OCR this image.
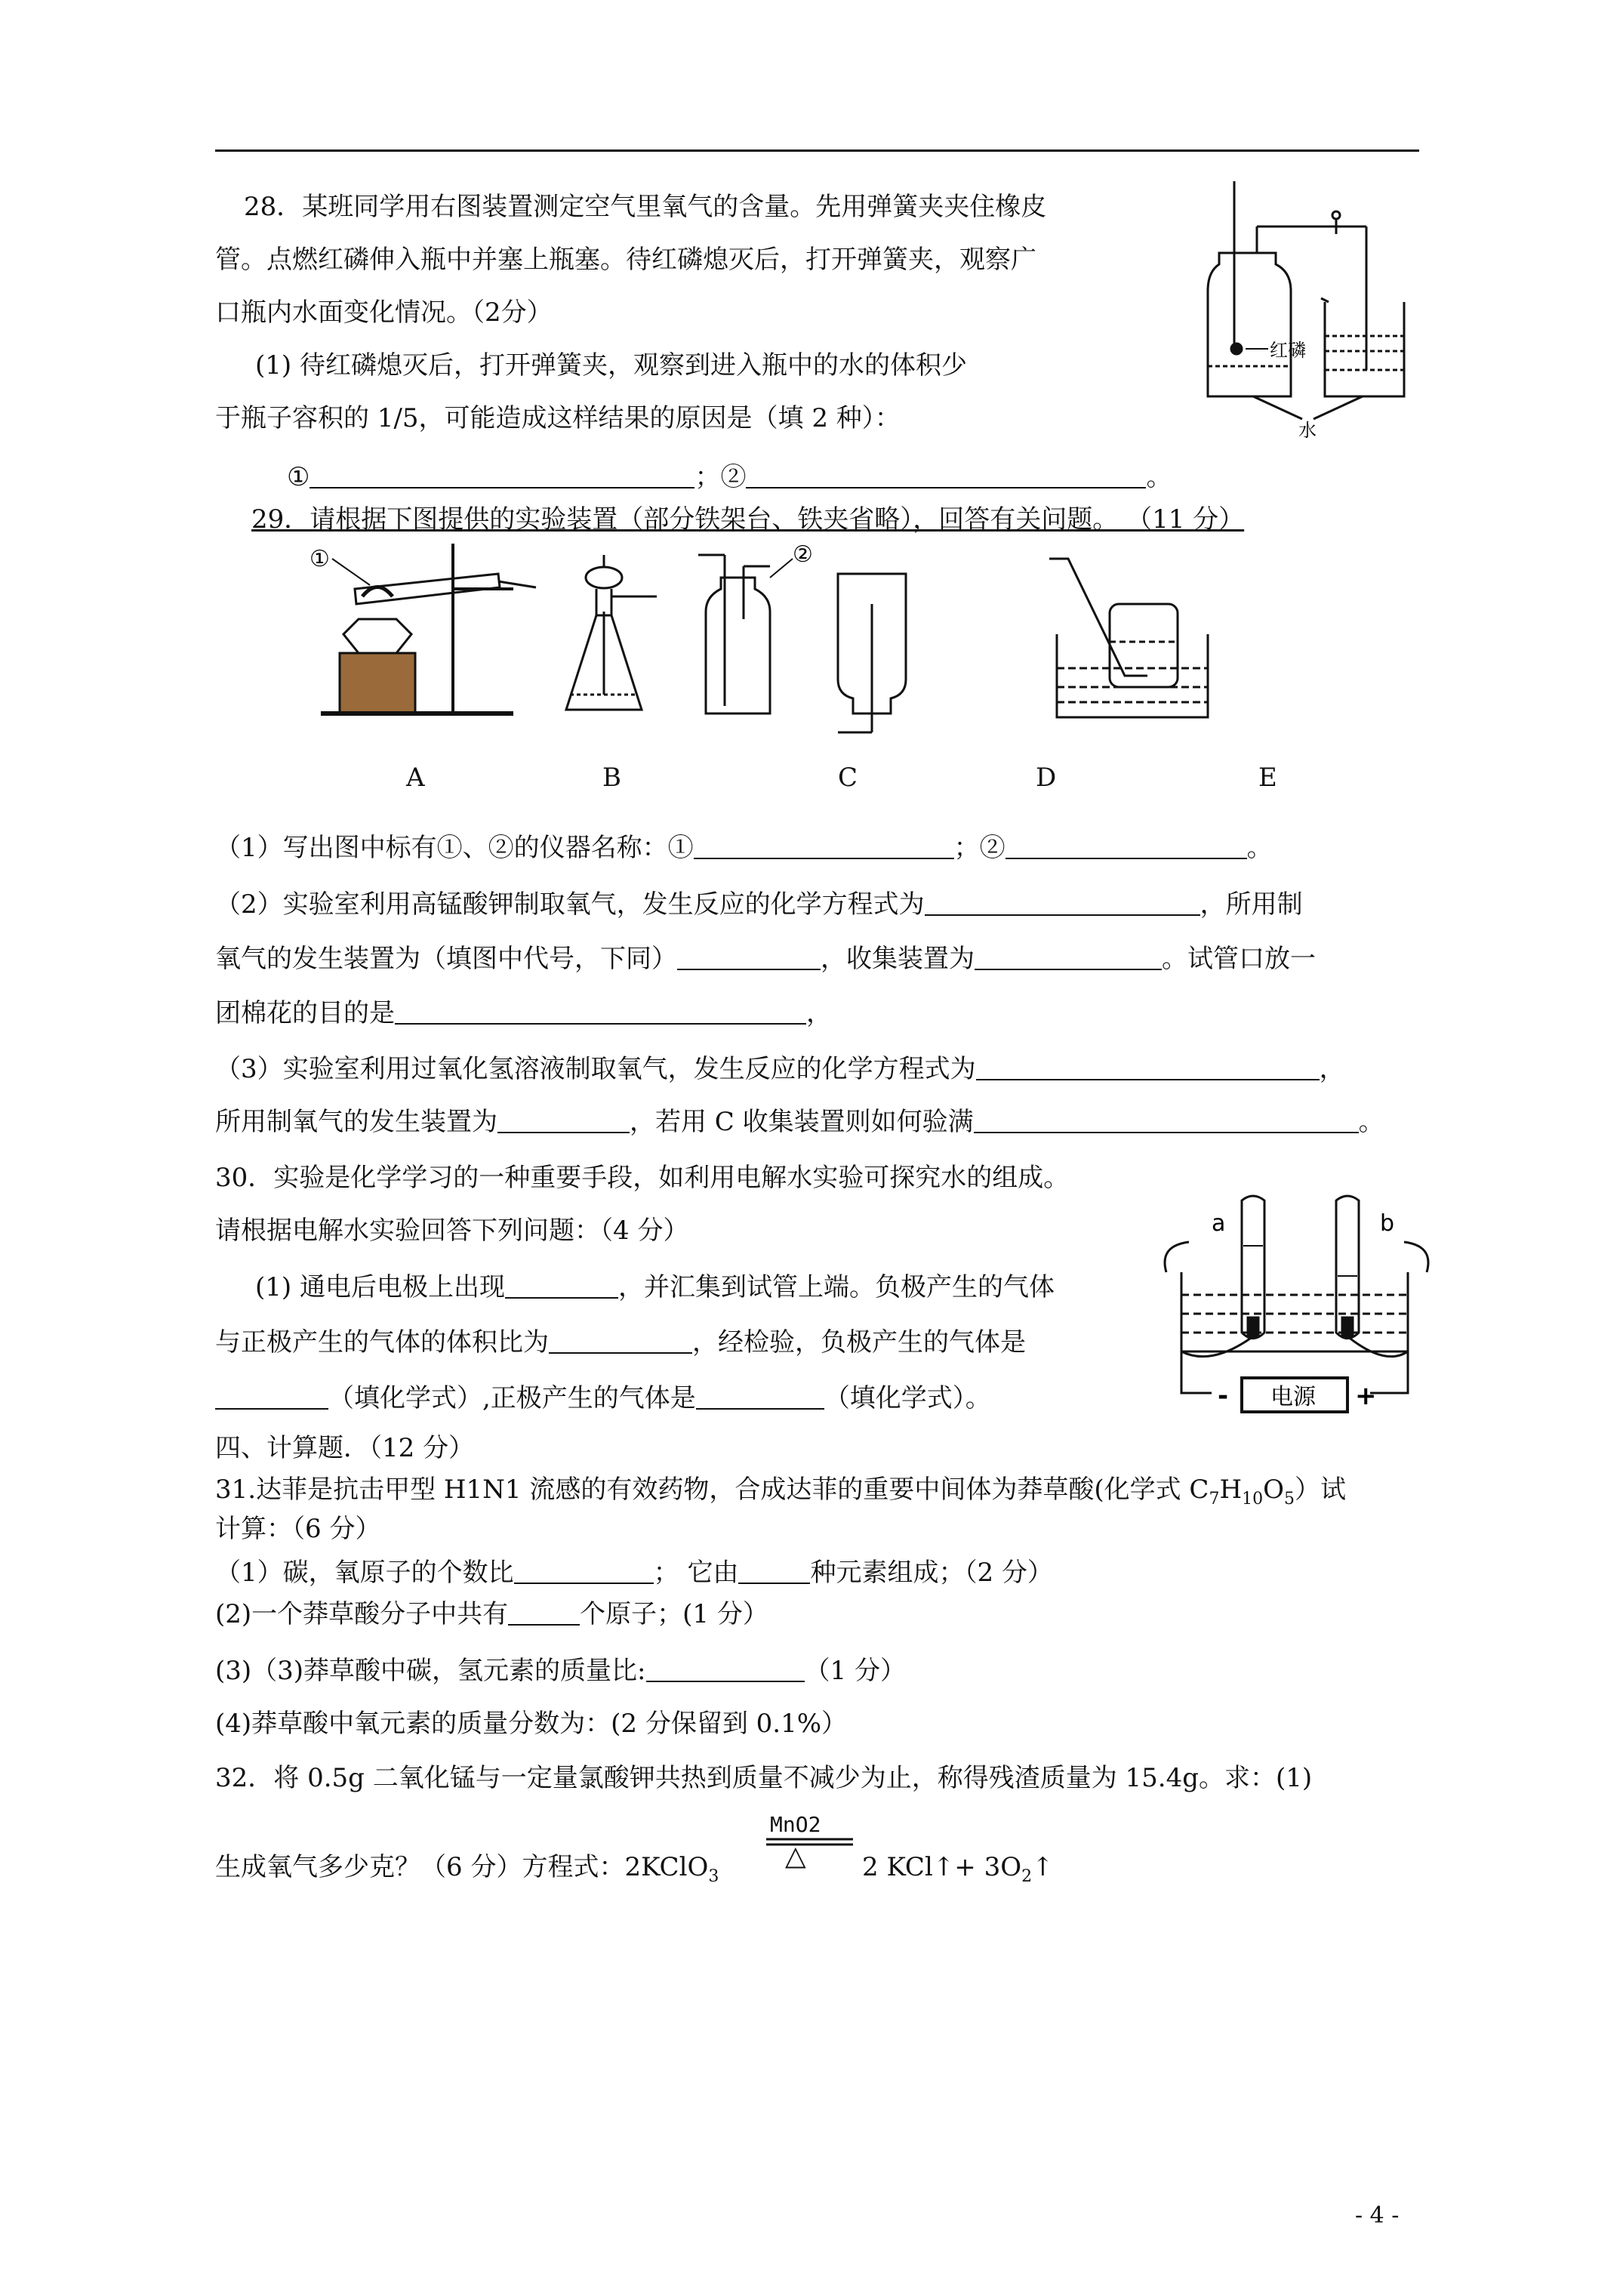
28．某班同学用右图装置测定空气里氧气的含量。先用弹簧夹夹住橡皮
管。点燃红磷伸入瓶中并塞上瓶塞。待红磷熄灭后，打开弹簧夹，观察广
口瓶内水面变化情况。（2分）
(1) 待红磷熄灭后，打开弹簧夹，观察到进入瓶中的水的体积少
于瓶子容积的 1/5，可能造成这样结果的原因是（填 2 种）：
①	；②	。
红磷
水
29．请根据下图提供的实验装置（部分铁架台、铁夹省略），回答有关问题。 （11 分）
①	②
A	B	C	D	E
（1）写出图中标有①、②的仪器名称：①	；②	。
（2）实验室利用高锰酸钾制取氧气，发生反应的化学方程式为	，所用制
氧气的发生装置为（填图中代号，下同）	，收集装置为	。试管口放一
团棉花的目的是	，
（3）实验室利用过氧化氢溶液制取氧气，发生反应的化学方程式为	，
所用制氧气的发生装置为	，若用 C 收集装置则如何验满	。
30．实验是化学学习的一种重要手段，如利用电解水实验可探究水的组成。
请根据电解水实验回答下列问题：（4 分）
(1) 通电后电极上出现	，并汇集到试管上端。负极产生的气体
与正极产生的气体的体积比为	，经检验，负极产生的气体是
（填化学式）,正极产生的气体是	（填化学式）。
a	b
电源
-	+
四、计算题．（12 分）
31.达菲是抗击甲型 H1N1 流感的有效药物，合成达菲的重要中间体为莽草酸(化学式 $C_7H_{10}O_5$）试
计算：（6 分）
（1）碳，氧原子的个数比	； 它由	种元素组成；（2 分）
(2)一个莽草酸分子中共有	个原子；(1 分）
(3)（3)莽草酸中碳，氢元素的质量比:	（1 分）
(4)莽草酸中氧元素的质量分数为：(2 分保留到 0.1%）
32．将 0.5g 二氧化锰与一定量氯酸钾共热到质量不减少为止，称得残渣质量为 15.4g。求：(1)
MnO2
△
生成氧气多少克？（6 分）方程式：2KClO$_3$	2 KCl↑+ $3O_2↑$
- 4 -
